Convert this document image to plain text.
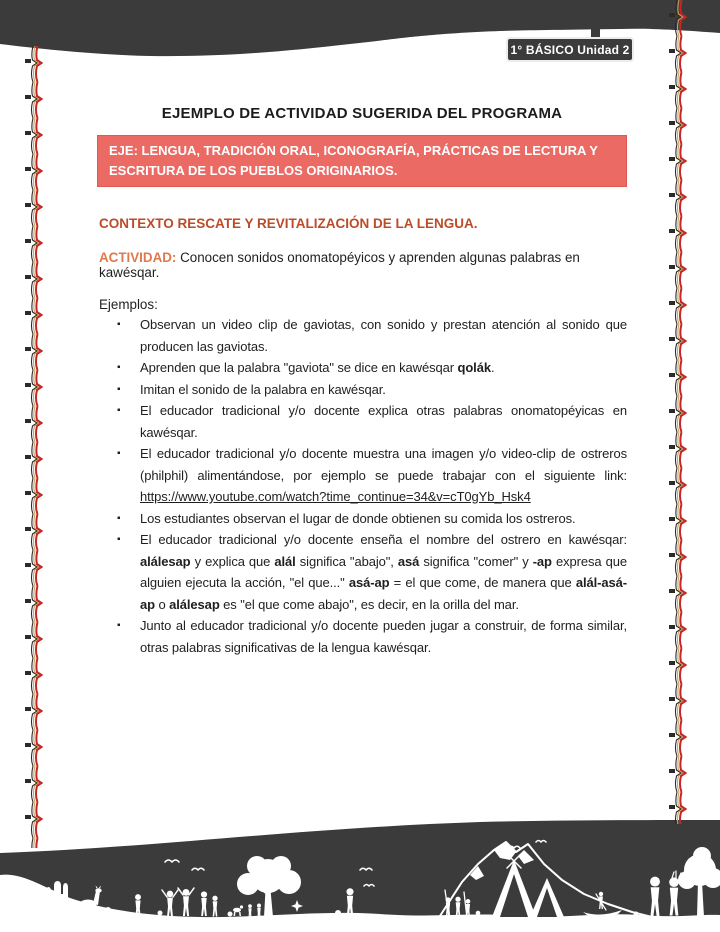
1° BÁSICO Unidad 2
EJEMPLO DE ACTIVIDAD SUGERIDA DEL PROGRAMA
EJE: LENGUA, TRADICIÓN ORAL, ICONOGRAFÍA, PRÁCTICAS DE LECTURA Y ESCRITURA DE LOS PUEBLOS ORIGINARIOS.

CONTEXTO RESCATE Y REVITALIZACIÓN DE LA LENGUA.

ACTIVIDAD: Conocen sonidos onomatopéyicos y aprenden algunas palabras en kawésqar.

Ejemplos:

▪	Observan un video clip de gaviotas, con sonido y prestan atención al sonido que producen las gaviotas.
▪	Aprenden que la palabra "gaviota" se dice en kawésqar qolák.
▪	Imitan el sonido de la palabra en kawésqar.
▪	El educador tradicional y/o docente explica otras palabras onomatopéyicas en kawésqar.
▪	El educador tradicional y/o docente muestra una imagen y/o video-clip de ostreros (philphil) alimentándose, por ejemplo se puede trabajar con el siguiente link: https://www.youtube.com/watch?time_continue=34&v=cT0gYb_Hsk4
▪	Los estudiantes observan el lugar de donde obtienen su comida los ostreros.
▪	El educador tradicional y/o docente enseña el nombre del ostrero en kawésqar: alálesap y explica que alál significa "abajo", asá significa "comer" y -ap expresa que alguien ejecuta la acción, "el que..." asá-ap = el que come, de manera que alál-asá-ap o alálesap es "el que come abajo", es decir, en la orilla del mar.
▪	Junto al educador tradicional y/o docente pueden jugar a construir, de forma similar, otras palabras significativas de la lengua kawésqar.
